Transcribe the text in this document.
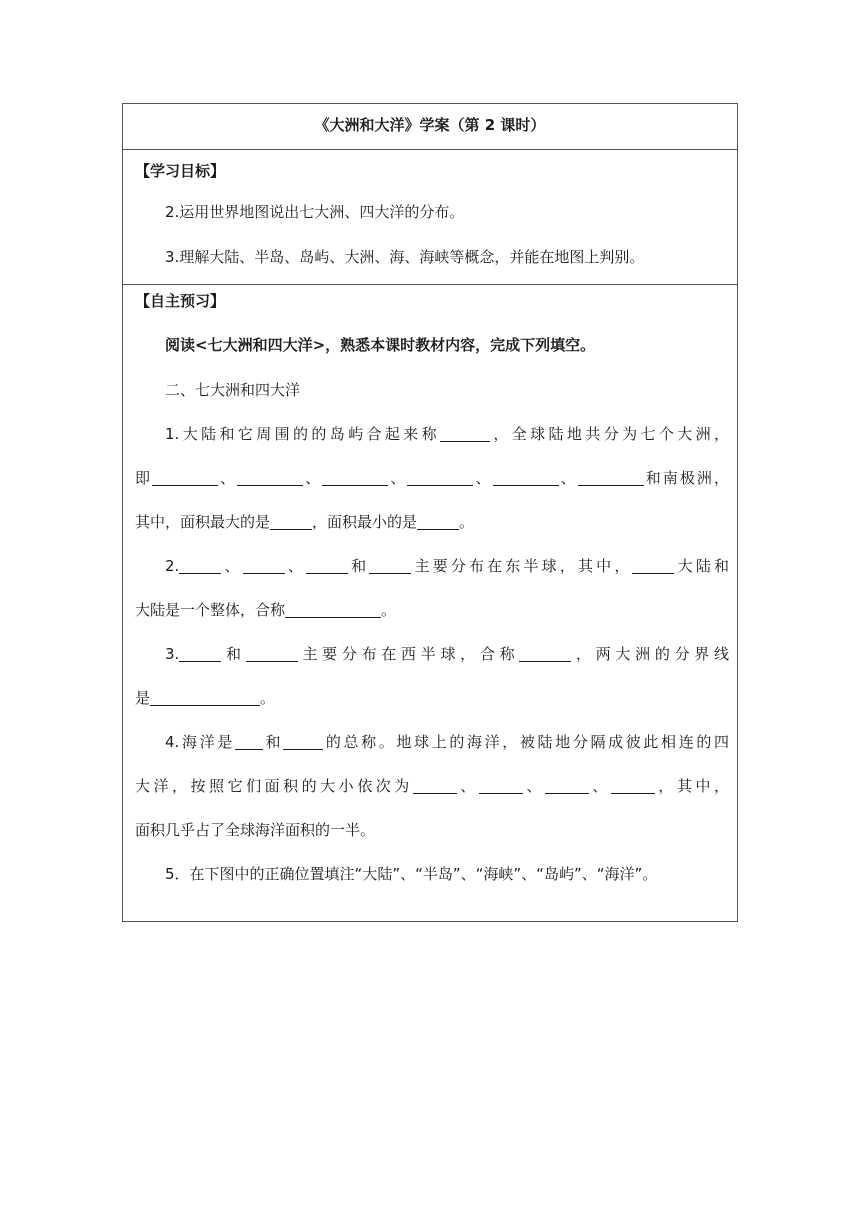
《大洲和大洋》学案（第 2 课时）
【学习目标】
2.运用世界地图说出七大洲、四大洋的分布。
3.理解大陆、半岛、岛屿、大洲、海、海峡等概念，并能在地图上判别。
【自主预习】
阅读<七大洲和四大洋>，熟悉本课时教材内容，完成下列填空。
二、七大洲和四大洋
1.大陆和它周围的的岛屿合起来称	，全球陆地共分为七个大洲，
即	、	、	、	、	、	和南极洲，
其中，面积最大的是	，面积最小的是	。
2.	、	、	和	主要分布在东半球，其中，	大陆和
大陆是一个整体，合称	。
3.	和	主要分布在西半球，合称	，两大洲的分界线
是	。
4.海洋是 和	的总称。地球上的海洋，被陆地分隔成彼此相连的四
大洋，按照它们面积的大小依次为	、	、	、	，其中，
面积几乎占了全球海洋面积的一半。
5．在下图中的正确位置填注“大陆”、“半岛”、“海峡”、“岛屿”、“海洋”。
